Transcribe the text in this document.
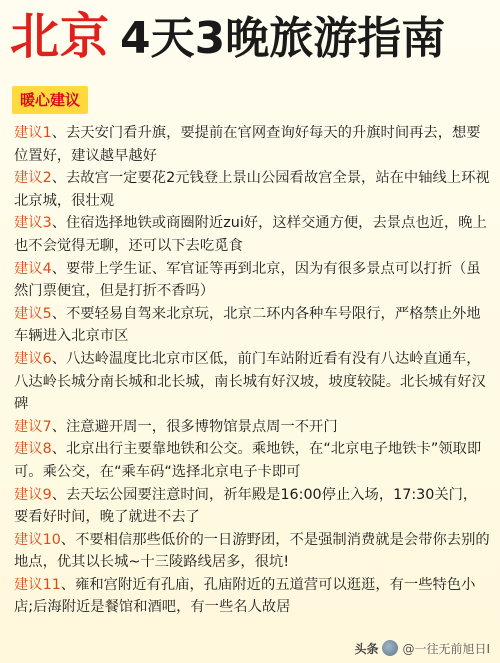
北京 4天3晚旅游指南
暖心建议
建议1、去天安门看升旗，要提前在官网查询好每天的升旗时间再去，想要位置好，建议越早越好
建议2、去故宫一定要花2元钱登上景山公园看故宫全景，站在中轴线上环视北京城，很壮观
建议3、住宿选择地铁或商圈附近zui好，这样交通方便，去景点也近，晚上也不会觉得无聊，还可以下去吃觅食
建议4、要带上学生证、军官证等再到北京，因为有很多景点可以打折（虽然门票便宜，但是打折不香吗）
建议5、不要轻易自驾来北京玩，北京二环内各种车号限行，严格禁止外地车辆进入北京市区
建议6、八达岭温度比北京市区低，前门车站附近看有没有八达岭直通车，八达岭长城分南长城和北长城，南长城有好汉坡，坡度较陡。北长城有好汉碑
建议7、注意避开周一，很多博物馆景点周一不开门
建议8、北京出行主要靠地铁和公交。乘地铁，在“北京电子地铁卡”领取即可。乘公交，在“乘车码“选择北京电子卡即可
建议9、去天坛公园要注意时间，祈年殿是16:00停止入场，17:30关门，要看好时间，晚了就进不去了
建议10、不要相信那些低价的一日游野团，不是强制消费就是会带你去别的地点，优其以长城~十三陵路线居多，很坑!
建议11、雍和宫附近有孔庙，孔庙附近的五道营可以逛逛，有一些特色小店;后海附近是餐馆和酒吧，有一些名人故居
头条 @一往无前旭日I
